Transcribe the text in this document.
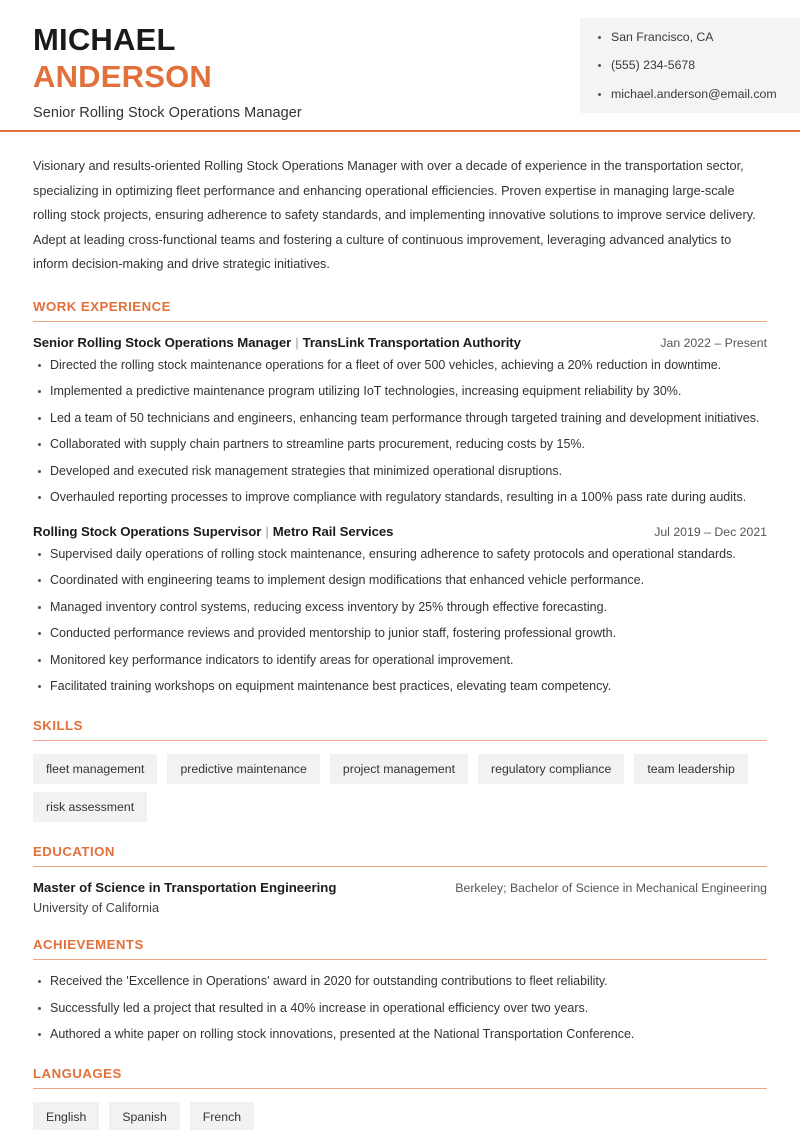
MICHAEL
ANDERSON
Senior Rolling Stock Operations Manager
San Francisco, CA
(555) 234-5678
michael.anderson@email.com

Visionary and results-oriented Rolling Stock Operations Manager with over a decade of experience in the transportation sector, specializing in optimizing fleet performance and enhancing operational efficiencies. Proven expertise in managing large-scale rolling stock projects, ensuring adherence to safety standards, and implementing innovative solutions to improve service delivery. Adept at leading cross-functional teams and fostering a culture of continuous improvement, leveraging advanced analytics to inform decision-making and drive strategic initiatives.

WORK EXPERIENCE
Senior Rolling Stock Operations Manager | TransLink Transportation Authority	Jan 2022 – Present
Directed the rolling stock maintenance operations for a fleet of over 500 vehicles, achieving a 20% reduction in downtime.
Implemented a predictive maintenance program utilizing IoT technologies, increasing equipment reliability by 30%.
Led a team of 50 technicians and engineers, enhancing team performance through targeted training and development initiatives.
Collaborated with supply chain partners to streamline parts procurement, reducing costs by 15%.
Developed and executed risk management strategies that minimized operational disruptions.
Overhauled reporting processes to improve compliance with regulatory standards, resulting in a 100% pass rate during audits.
Rolling Stock Operations Supervisor | Metro Rail Services	Jul 2019 – Dec 2021
Supervised daily operations of rolling stock maintenance, ensuring adherence to safety protocols and operational standards.
Coordinated with engineering teams to implement design modifications that enhanced vehicle performance.
Managed inventory control systems, reducing excess inventory by 25% through effective forecasting.
Conducted performance reviews and provided mentorship to junior staff, fostering professional growth.
Monitored key performance indicators to identify areas for operational improvement.
Facilitated training workshops on equipment maintenance best practices, elevating team competency.
SKILLS
fleet management	predictive maintenance	project management	regulatory compliance	team leadership
risk assessment
EDUCATION
Master of Science in Transportation Engineering	Berkeley; Bachelor of Science in Mechanical Engineering
University of California
ACHIEVEMENTS
Received the 'Excellence in Operations' award in 2020 for outstanding contributions to fleet reliability.
Successfully led a project that resulted in a 40% increase in operational efficiency over two years.
Authored a white paper on rolling stock innovations, presented at the National Transportation Conference.
LANGUAGES
English	Spanish	French
